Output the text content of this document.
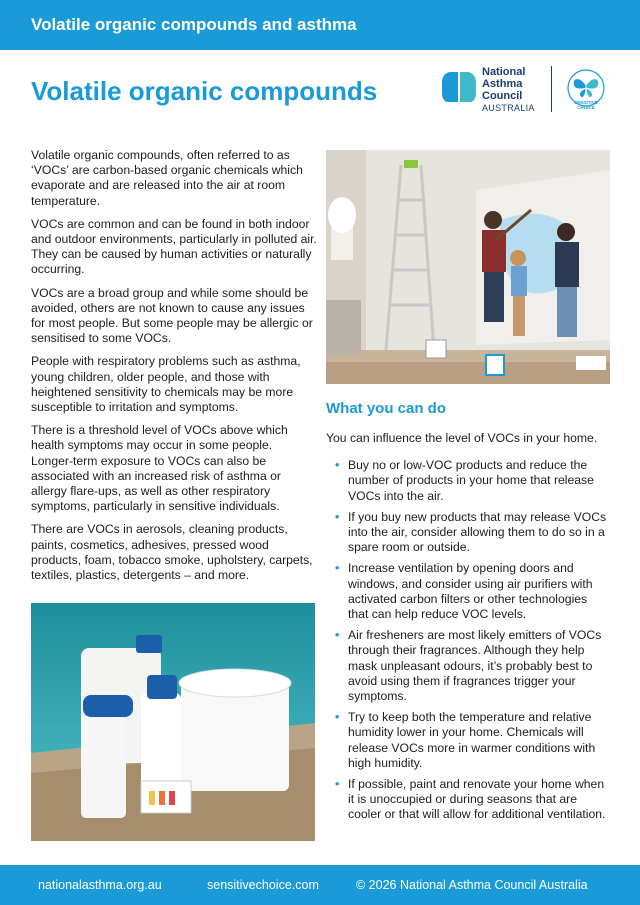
Volatile organic compounds and asthma
Volatile organic compounds
National
Asthma
Council
AUSTRALIA
SENSITIVE
CHOICE

Volatile organic compounds, often referred to as ‘VOCs’ are carbon-based organic chemicals which evaporate and are released into the air at room temperature.

VOCs are common and can be found in both indoor and outdoor environments, particularly in polluted air. They can be caused by human activities or naturally occurring.

VOCs are a broad group and while some should be avoided, others are not known to cause any issues for most people. But some people may be allergic or sensitised to some VOCs.

People with respiratory problems such as asthma, young children, older people, and those with heightened sensitivity to chemicals may be more susceptible to irritation and symptoms.

There is a threshold level of VOCs above which health symptoms may occur in some people. Longer-term exposure to VOCs can also be associated with an increased risk of asthma or allergy flare-ups, as well as other respiratory symptoms, particularly in sensitive individuals.

There are VOCs in aerosols, cleaning products, paints, cosmetics, adhesives, pressed wood products, foam, tobacco smoke, upholstery, carpets, textiles, plastics, detergents – and more.

What you can do

You can influence the level of VOCs in your home.

• Buy no or low-VOC products and reduce the number of products in your home that release VOCs into the air.
• If you buy new products that may release VOCs into the air, consider allowing them to do so in a spare room or outside.
• Increase ventilation by opening doors and windows, and consider using air purifiers with activated carbon filters or other technologies that can help reduce VOC levels.
• Air fresheners are most likely emitters of VOCs through their fragrances. Although they help mask unpleasant odours, it’s probably best to avoid using them if fragrances trigger your symptoms.
• Try to keep both the temperature and relative humidity lower in your home. Chemicals will release VOCs more in warmer conditions with high humidity.
• If possible, paint and renovate your home when it is unoccupied or during seasons that are cooler or that will allow for additional ventilation.
nationalasthma.org.au	sensitivechoice.com	© 2026 National Asthma Council Australia
